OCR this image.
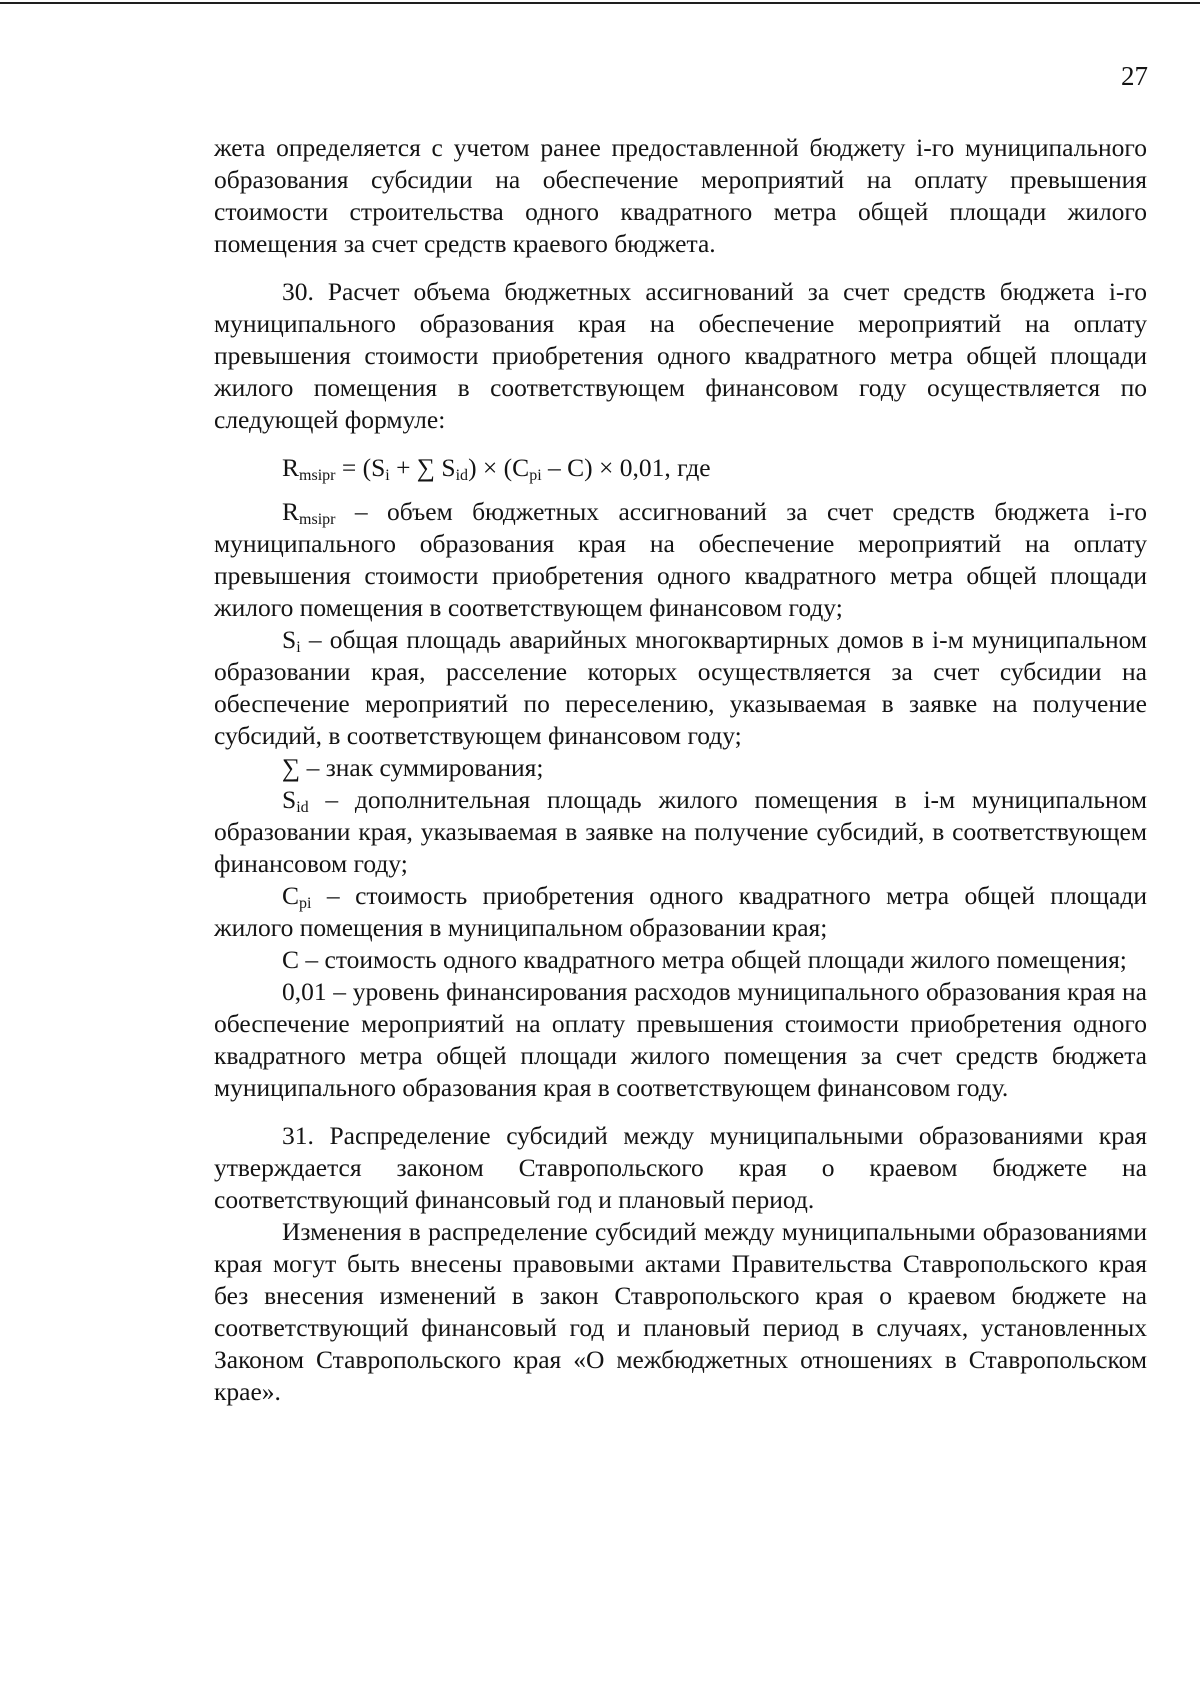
27

жета определяется с учетом ранее предоставленной бюджету i-го муниципального образования субсидии на обеспечение мероприятий на оплату превышения стоимости строительства одного квадратного метра общей площади жилого помещения за счет средств краевого бюджета.

30. Расчет объема бюджетных ассигнований за счет средств бюджета i-го муниципального образования края на обеспечение мероприятий на оплату превышения стоимости приобретения одного квадратного метра общей площади жилого помещения в соответствующем финансовом году осуществляется по следующей формуле:

$R_{msipr} = (S_i$ + ∑ $S_{id}) \times (C_{pi} - C) \times 0,01$, где

$R_{msipr}$ – объем бюджетных ассигнований за счет средств бюджета i-го муниципального образования края на обеспечение мероприятий на оплату превышения стоимости приобретения одного квадратного метра общей площади жилого помещения в соответствующем финансовом году;

$S_i$ – общая площадь аварийных многоквартирных домов в i-м муниципальном образовании края, расселение которых осуществляется за счет субсидии на обеспечение мероприятий по переселению, указываемая в заявке на получение субсидий, в соответствующем финансовом году;

∑ – знак суммирования;

$S_{id}$ – дополнительная площадь жилого помещения в i-м муниципальном образовании края, указываемая в заявке на получение субсидий, в соответствующем финансовом году;

$C_{pi}$ – стоимость приобретения одного квадратного метра общей площади жилого помещения в муниципальном образовании края;

C – стоимость одного квадратного метра общей площади жилого помещения;

0,01 – уровень финансирования расходов муниципального образования края на обеспечение мероприятий на оплату превышения стоимости приобретения одного квадратного метра общей площади жилого помещения за счет средств бюджета муниципального образования края в соответствующем финансовом году.

31. Распределение субсидий между муниципальными образованиями края утверждается законом Ставропольского края о краевом бюджете на соответствующий финансовый год и плановый период.

Изменения в распределение субсидий между муниципальными образованиями края могут быть внесены правовыми актами Правительства Ставропольского края без внесения изменений в закон Ставропольского края о краевом бюджете на соответствующий финансовый год и плановый период в случаях, установленных Законом Ставропольского края «О межбюджетных отношениях в Ставропольском крае».
